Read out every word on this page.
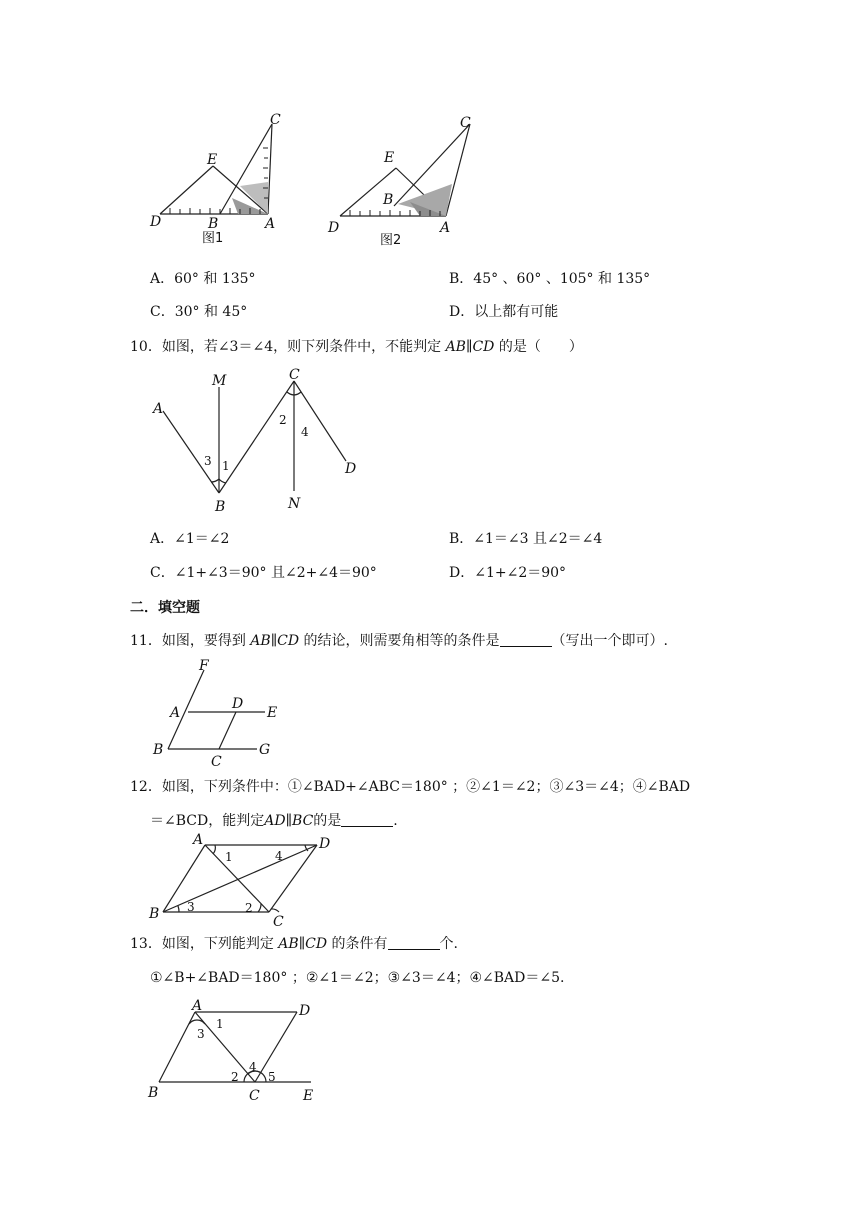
C
E
D	B	A
图1
C
E
D
B
A
图2
A．60° 和 135°	B．45° 、60° 、105° 和 135°
C．30° 和 45°	D．以上都有可能
10．如图，若∠3＝∠4，则下列条件中，不能判定 AB∥CD 的是（　　）
A
M	C
B	N
D
1
2
3
4
A．∠1＝∠2	B．∠1＝∠3 且∠2＝∠4
C．∠1+∠3＝90° 且∠2+∠4＝90°	D．∠1+∠2＝90°
二．填空题
11．如图，要得到 AB∥CD 的结论，则需要角相等的条件是	（写出一个即可）.
F
A
D
E
B
C
G
12．如图，下列条件中：①∠BAD+∠ABC＝180° ；②∠1＝∠2；③∠3＝∠4；④∠BAD
＝∠BCD，能判定AD∥BC的是	.
A	D
B	C
1	4
3	2
13．如图，下列能判定 AB∥CD 的条件有	个.
①∠B+∠BAD＝180° ；②∠1＝∠2；③∠3＝∠4；④∠BAD＝∠5.
A	D
B	C	E
1
3
4
2 5
